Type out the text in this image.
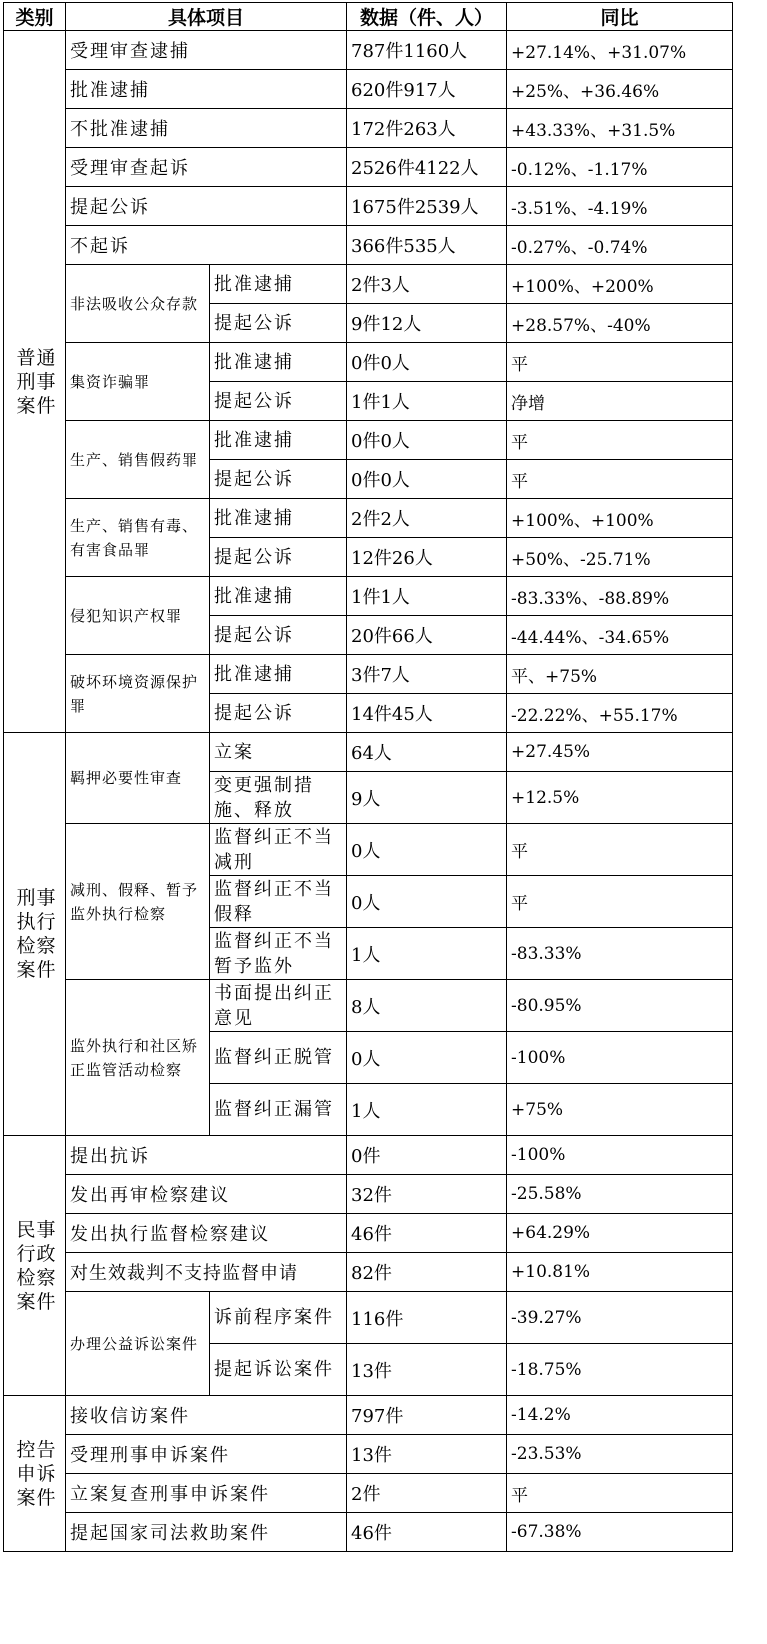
类别	具体项目		数据（件、人）	同比

普通刑事案件	受理审查逮捕		787件1160人	+27.14%、+31.07%
	批准逮捕		620件917人	+25%、+36.46%
	不批准逮捕		172件263人	+43.33%、+31.5%
	受理审查起诉		2526件4122人	-0.12%、-1.17%
	提起公诉		1675件2539人	-3.51%、-4.19%
	不起诉		366件535人	-0.27%、-0.74%
	非法吸收公众存款	批准逮捕	2件3人	+100%、+200%
		提起公诉	9件12人	+28.57%、-40%
	集资诈骗罪	批准逮捕	0件0人	平
		提起公诉	1件1人	净增
	生产、销售假药罪	批准逮捕	0件0人	平
		提起公诉	0件0人	平
	生产、销售有毒、有害食品罪	批准逮捕	2件2人	+100%、+100%
		提起公诉	12件26人	+50%、-25.71%
	侵犯知识产权罪	批准逮捕	1件1人	-83.33%、-88.89%
		提起公诉	20件66人	-44.44%、-34.65%
	破坏环境资源保护罪	批准逮捕	3件7人	平、+75%
		提起公诉	14件45人	-22.22%、+55.17%

刑事执行检察案件	羁押必要性审查	立案	64人	+27.45%
		变更强制措施、释放	9人	+12.5%
	减刑、假释、暂予监外执行检察	监督纠正不当减刑	0人	平
		监督纠正不当假释	0人	平
		监督纠正不当暂予监外	1人	-83.33%
	监外执行和社区矫正监管活动检察	书面提出纠正意见	8人	-80.95%
		监督纠正脱管	0人	-100%
		监督纠正漏管	1人	+75%

民事行政检察案件	提出抗诉		0件	-100%
	发出再审检察建议		32件	-25.58%
	发出执行监督检察建议		46件	+64.29%
	对生效裁判不支持监督申请		82件	+10.81%
	办理公益诉讼案件	诉前程序案件	116件	-39.27%
		提起诉讼案件	13件	-18.75%

控告申诉案件	接收信访案件		797件	-14.2%
	受理刑事申诉案件		13件	-23.53%
	立案复查刑事申诉案件		2件	平
	提起国家司法救助案件		46件	-67.38%
